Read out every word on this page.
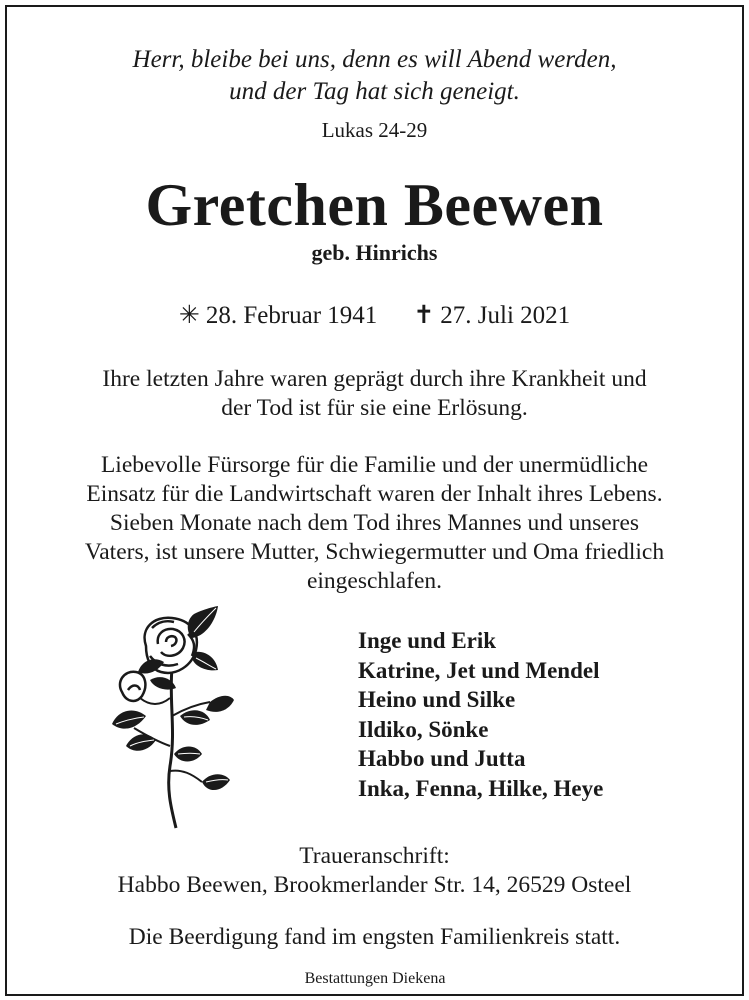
Herr, bleibe bei uns, denn es will Abend werden,
und der Tag hat sich geneigt.
Lukas 24-29
Gretchen Beewen
geb. Hinrichs
✳ 28. Februar 1941 ✝ 27. Juli 2021
Ihre letzten Jahre waren geprägt durch ihre Krankheit und
der Tod ist für sie eine Erlösung.
Liebevolle Fürsorge für die Familie und der unermüdliche
Einsatz für die Landwirtschaft waren der Inhalt ihres Lebens.
Sieben Monate nach dem Tod ihres Mannes und unseres
Vaters, ist unsere Mutter, Schwiegermutter und Oma friedlich
eingeschlafen.
Inge und Erik
Katrine, Jet und Mendel
Heino und Silke
Ildiko, Sönke
Habbo und Jutta
Inka, Fenna, Hilke, Heye
Traueranschrift:
Habbo Beewen, Brookmerlander Str. 14, 26529 Osteel
Die Beerdigung fand im engsten Familienkreis statt.
Bestattungen Diekena
